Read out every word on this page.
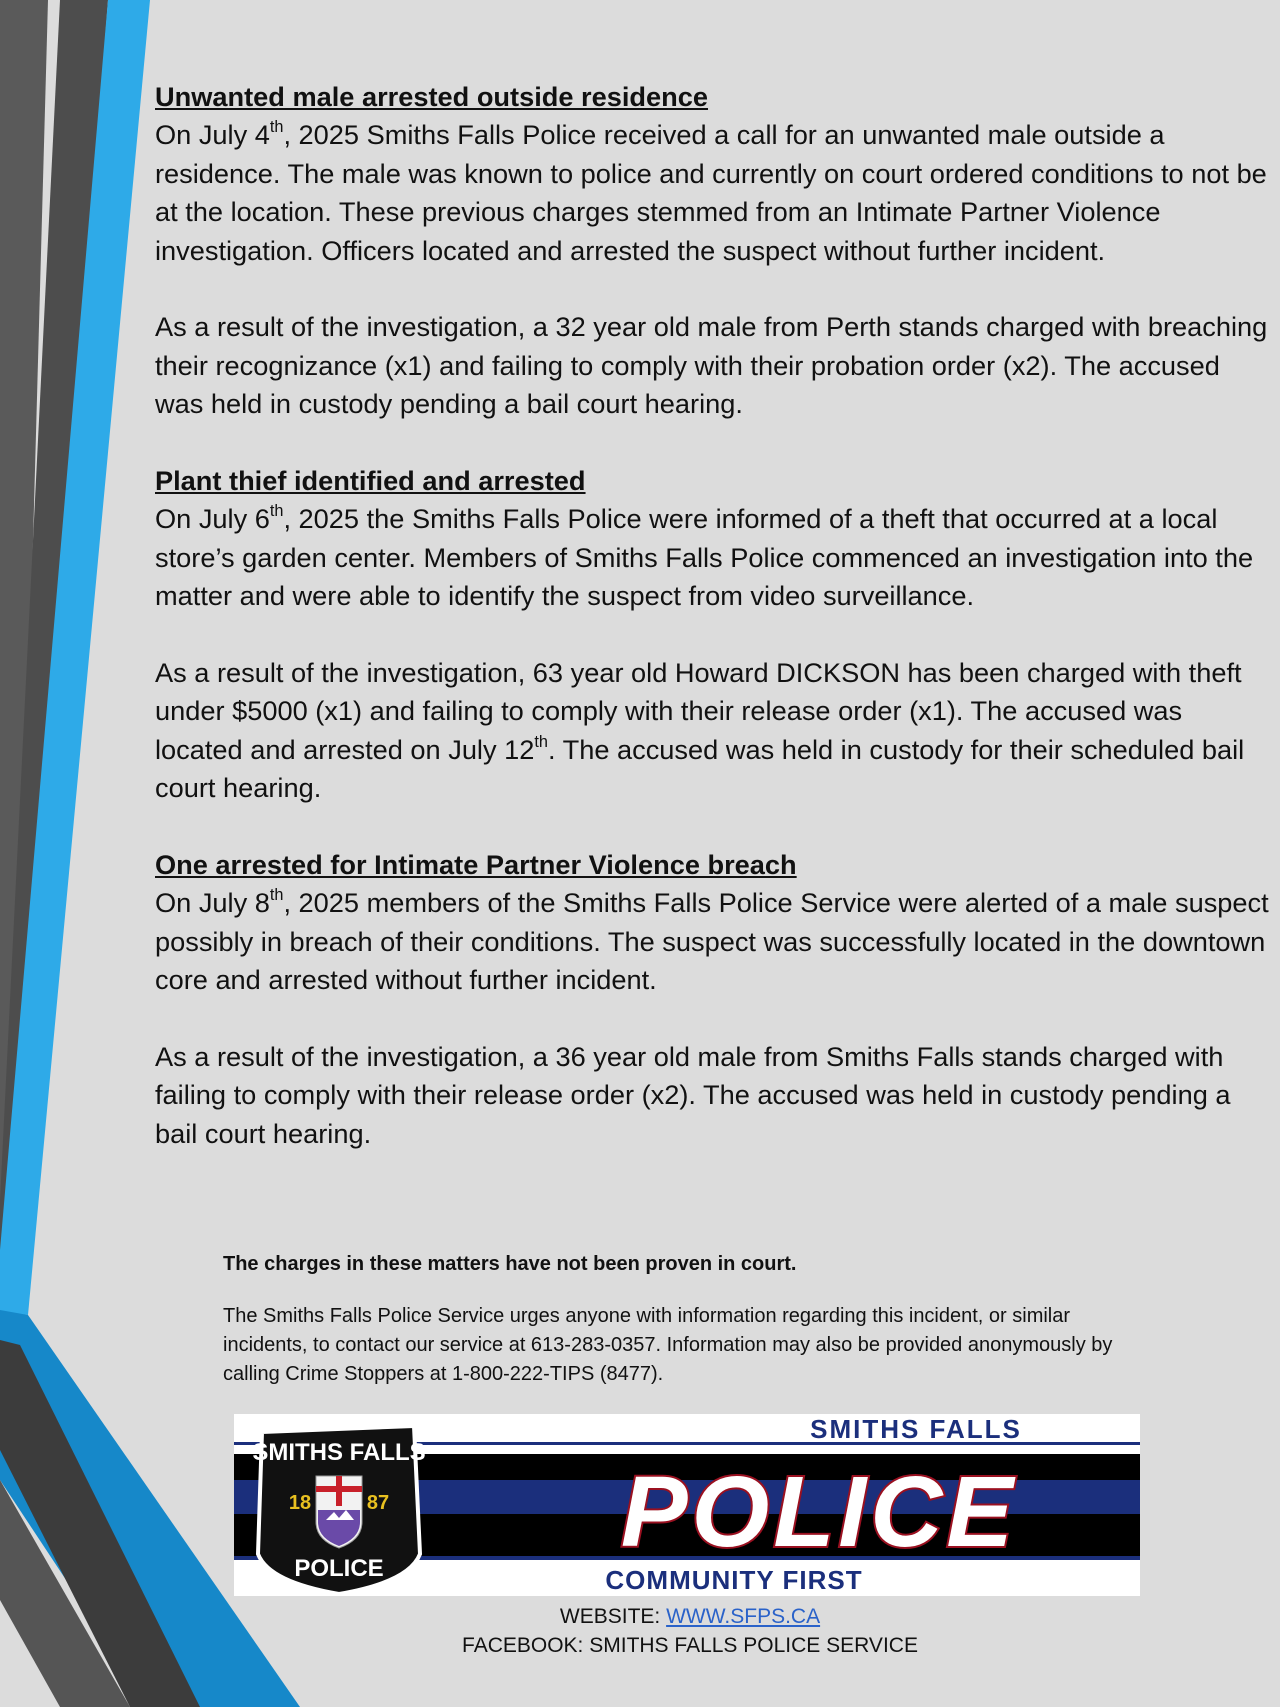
Unwanted male arrested outside residence

On July 4th, 2025 Smiths Falls Police received a call for an unwanted male outside a residence. The male was known to police and currently on court ordered conditions to not be at the location. These previous charges stemmed from an Intimate Partner Violence investigation. Officers located and arrested the suspect without further incident.

As a result of the investigation, a 32 year old male from Perth stands charged with breaching their recognizance (x1) and failing to comply with their probation order (x2). The accused was held in custody pending a bail court hearing.

Plant thief identified and arrested

On July 6th, 2025 the Smiths Falls Police were informed of a theft that occurred at a local store’s garden center. Members of Smiths Falls Police commenced an investigation into the matter and were able to identify the suspect from video surveillance.

As a result of the investigation, 63 year old Howard DICKSON has been charged with theft under $5000 (x1) and failing to comply with their release order (x1). The accused was located and arrested on July 12th. The accused was held in custody for their scheduled bail court hearing.

One arrested for Intimate Partner Violence breach

On July 8th, 2025 members of the Smiths Falls Police Service were alerted of a male suspect possibly in breach of their conditions. The suspect was successfully located in the downtown core and arrested without further incident.

As a result of the investigation, a 36 year old male from Smiths Falls stands charged with failing to comply with their release order (x2). The accused was held in custody pending a bail court hearing.

The charges in these matters have not been proven in court.

The Smiths Falls Police Service urges anyone with information regarding this incident, or similar incidents, to contact our service at 613-283-0357. Information may also be provided anonymously by calling Crime Stoppers at 1-800-222-TIPS (8477).

SMITHS FALLS
18	87
POLICE
SMITHS FALLS
POLICE
COMMUNITY FIRST
WEBSITE: WWW.SFPS.CA
FACEBOOK: SMITHS FALLS POLICE SERVICE
